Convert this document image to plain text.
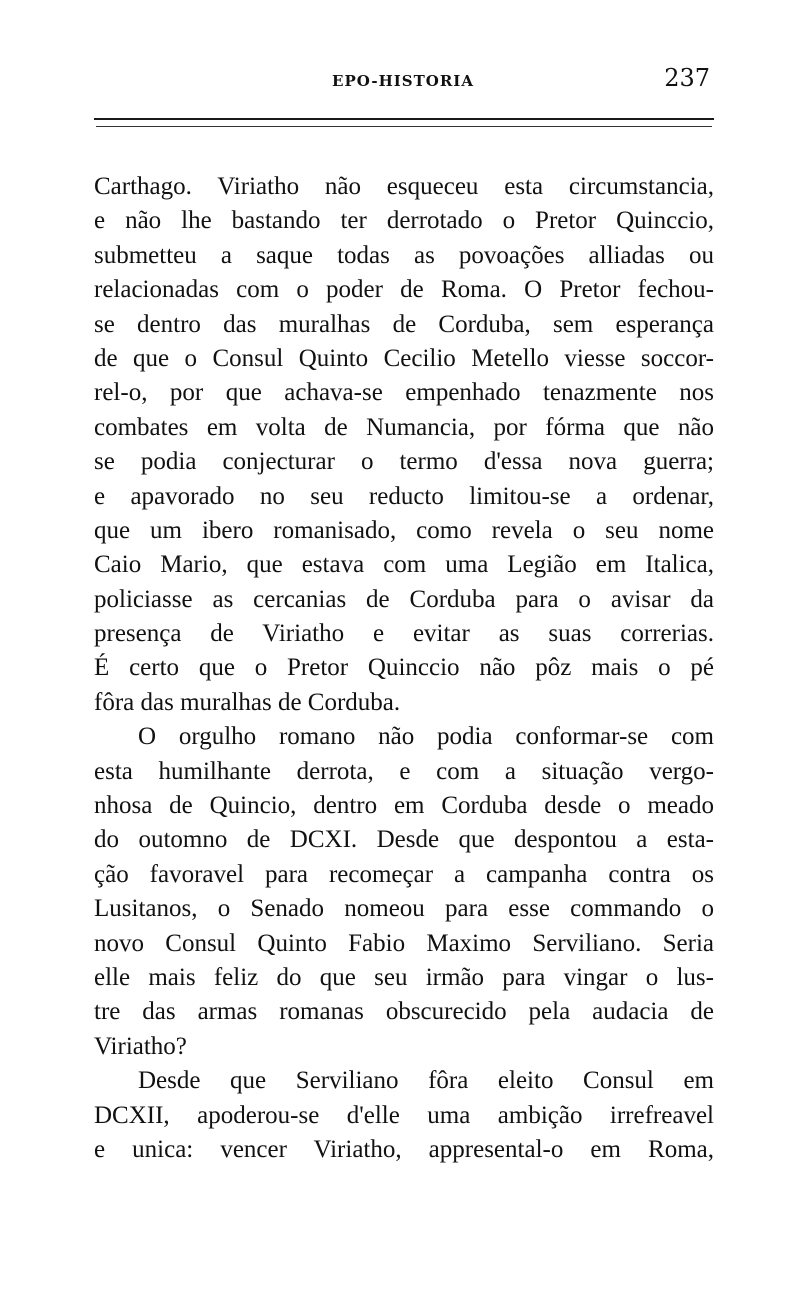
EPO-HISTORIA	237
Carthago. Viriatho não esqueceu esta circumstancia,
e não lhe bastando ter derrotado o Pretor Quinccio,
submetteu a saque todas as povoações alliadas ou
relacionadas com o poder de Roma. O Pretor fechou-
se dentro das muralhas de Corduba, sem esperança
de que o Consul Quinto Cecilio Metello viesse soccor-
rel-o, por que achava-se empenhado tenazmente nos
combates em volta de Numancia, por fórma que não
se podia conjecturar o termo d'essa nova guerra;
e apavorado no seu reducto limitou-se a ordenar,
que um ibero romanisado, como revela o seu nome
Caio Mario, que estava com uma Legião em Italica,
policiasse as cercanias de Corduba para o avisar da
presença de Viriatho e evitar as suas correrias.
É certo que o Pretor Quinccio não pôz mais o pé
fôra das muralhas de Corduba.
O orgulho romano não podia conformar-se com
esta humilhante derrota, e com a situação vergo-
nhosa de Quincio, dentro em Corduba desde o meado
do outomno de DCXI. Desde que despontou a esta-
ção favoravel para recomeçar a campanha contra os
Lusitanos, o Senado nomeou para esse commando o
novo Consul Quinto Fabio Maximo Serviliano. Seria
elle mais feliz do que seu irmão para vingar o lus-
tre das armas romanas obscurecido pela audacia de
Viriatho?
Desde que Serviliano fôra eleito Consul em
DCXII, apoderou-se d'elle uma ambição irrefreavel
e unica: vencer Viriatho, appresental-o em Roma,
